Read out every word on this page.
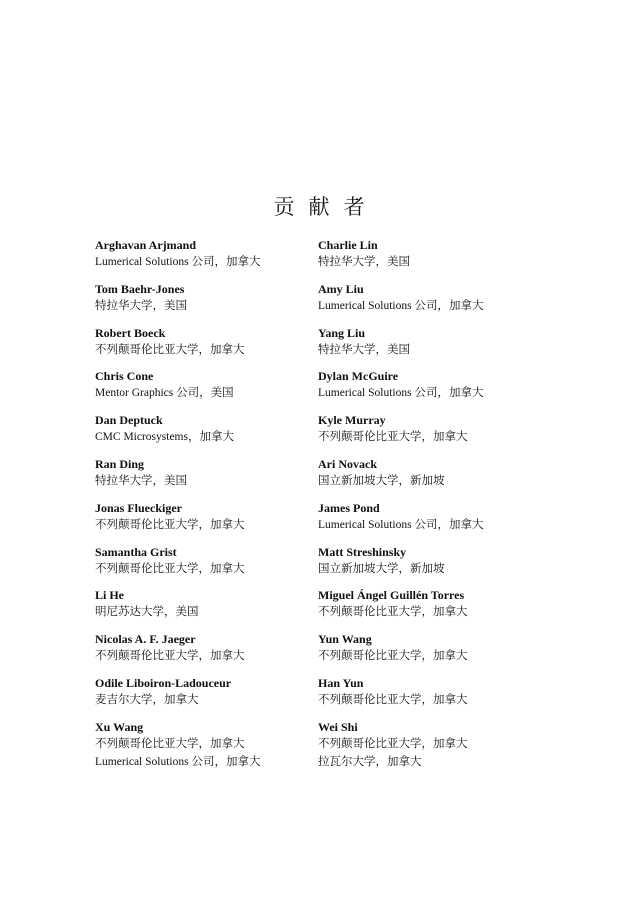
贡献者
Arghavan Arjmand
Lumerical Solutions 公司，加拿大
Tom Baehr-Jones
特拉华大学，美国
Robert Boeck
不列颠哥伦比亚大学，加拿大
Chris Cone
Mentor Graphics 公司，美国
Dan Deptuck
CMC Microsystems，加拿大
Ran Ding
特拉华大学，美国
Jonas Flueckiger
不列颠哥伦比亚大学，加拿大
Samantha Grist
不列颠哥伦比亚大学，加拿大
Li He
明尼苏达大学，美国
Nicolas A. F. Jaeger
不列颠哥伦比亚大学，加拿大
Odile Liboiron-Ladouceur
麦吉尔大学，加拿大
Xu Wang
不列颠哥伦比亚大学，加拿大
Lumerical Solutions 公司，加拿大
Charlie Lin
特拉华大学，美国
Amy Liu
Lumerical Solutions 公司，加拿大
Yang Liu
特拉华大学，美国
Dylan McGuire
Lumerical Solutions 公司，加拿大
Kyle Murray
不列颠哥伦比亚大学，加拿大
Ari Novack
国立新加坡大学，新加坡
James Pond
Lumerical Solutions 公司，加拿大
Matt Streshinsky
国立新加坡大学，新加坡
Miguel Ángel Guillén Torres
不列颠哥伦比亚大学，加拿大
Yun Wang
不列颠哥伦比亚大学，加拿大
Han Yun
不列颠哥伦比亚大学，加拿大
Wei Shi
不列颠哥伦比亚大学，加拿大
拉瓦尔大学，加拿大
